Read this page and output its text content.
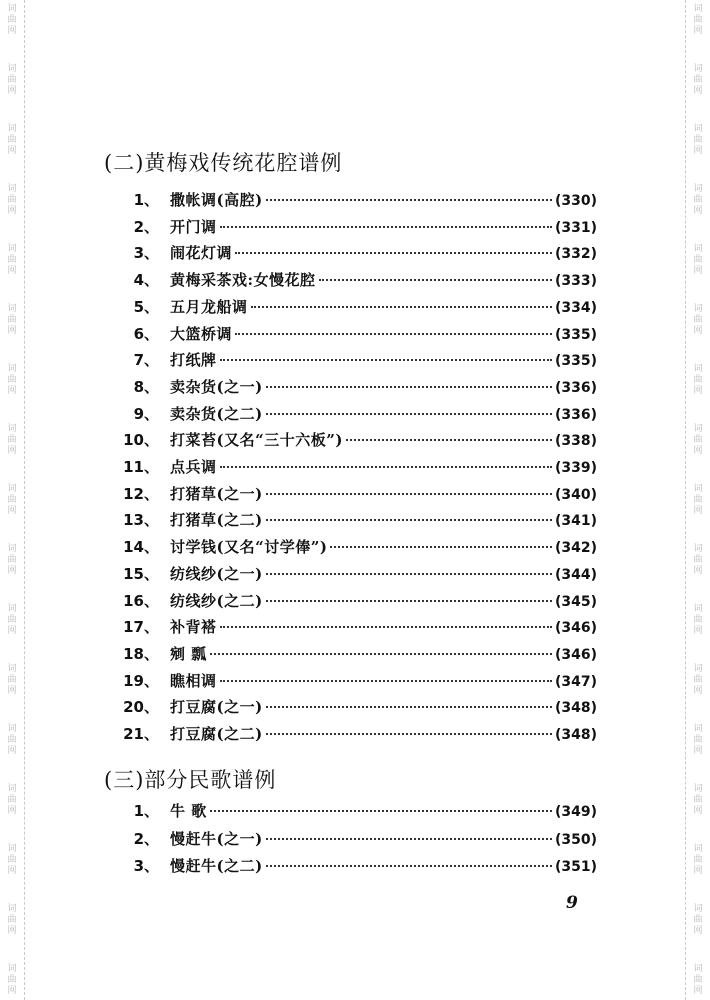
词
曲
网
词
曲
网
词
曲
网
词
曲
网
词
曲
网
词
曲
网
词
曲
网
词
曲
网
词
曲
网
词
曲
网
词
曲
网
词
曲
网
词
曲
网
词
曲
网
词
曲
网
词
曲
网
词
曲
网
词
曲
网
词
曲
网
词
曲
网
词
曲
网
词
曲
网
词
曲
网
词
曲
网
词
曲
网
词
曲
网
词
曲
网
词
曲
网
词
曲
网
词
曲
网
词
曲
网
词
曲
网
词
曲
网
词
曲
网
(二)黄梅戏传统花腔谱例
1 、 撒帐调(高腔)	(330)
2 、 开门调	(331)
3 、 闹花灯调	(332)
4 、 黄梅采茶戏:女慢花腔	(333)
5 、 五月龙船调	(334)
6 、 大篮桥调	(335)
7 、 打纸牌	(335)
8 、 卖杂货(之一)	(336)
9 、 卖杂货(之二)	(336)
10 、 打菜苔(又名“三十六板”)	(338)
11 、 点兵调	(339)
12 、 打猪草(之一)	(340)
13 、 打猪草(之二)	(341)
14 、 讨学钱(又名“讨学俸”)	(342)
15 、 纺线纱(之一)	(344)
16 、 纺线纱(之二)	(345)
17 、 补背褡	(346)
18 、 剜 瓢	(346)
19 、 瞧相调	(347)
20 、 打豆腐(之一)	(348)
21 、 打豆腐(之二)	(348)
(三)部分民歌谱例
1 、 牛 歌	(349)
2 、 慢赶牛(之一)	(350)
3 、 慢赶牛(之二)	(351)
9
